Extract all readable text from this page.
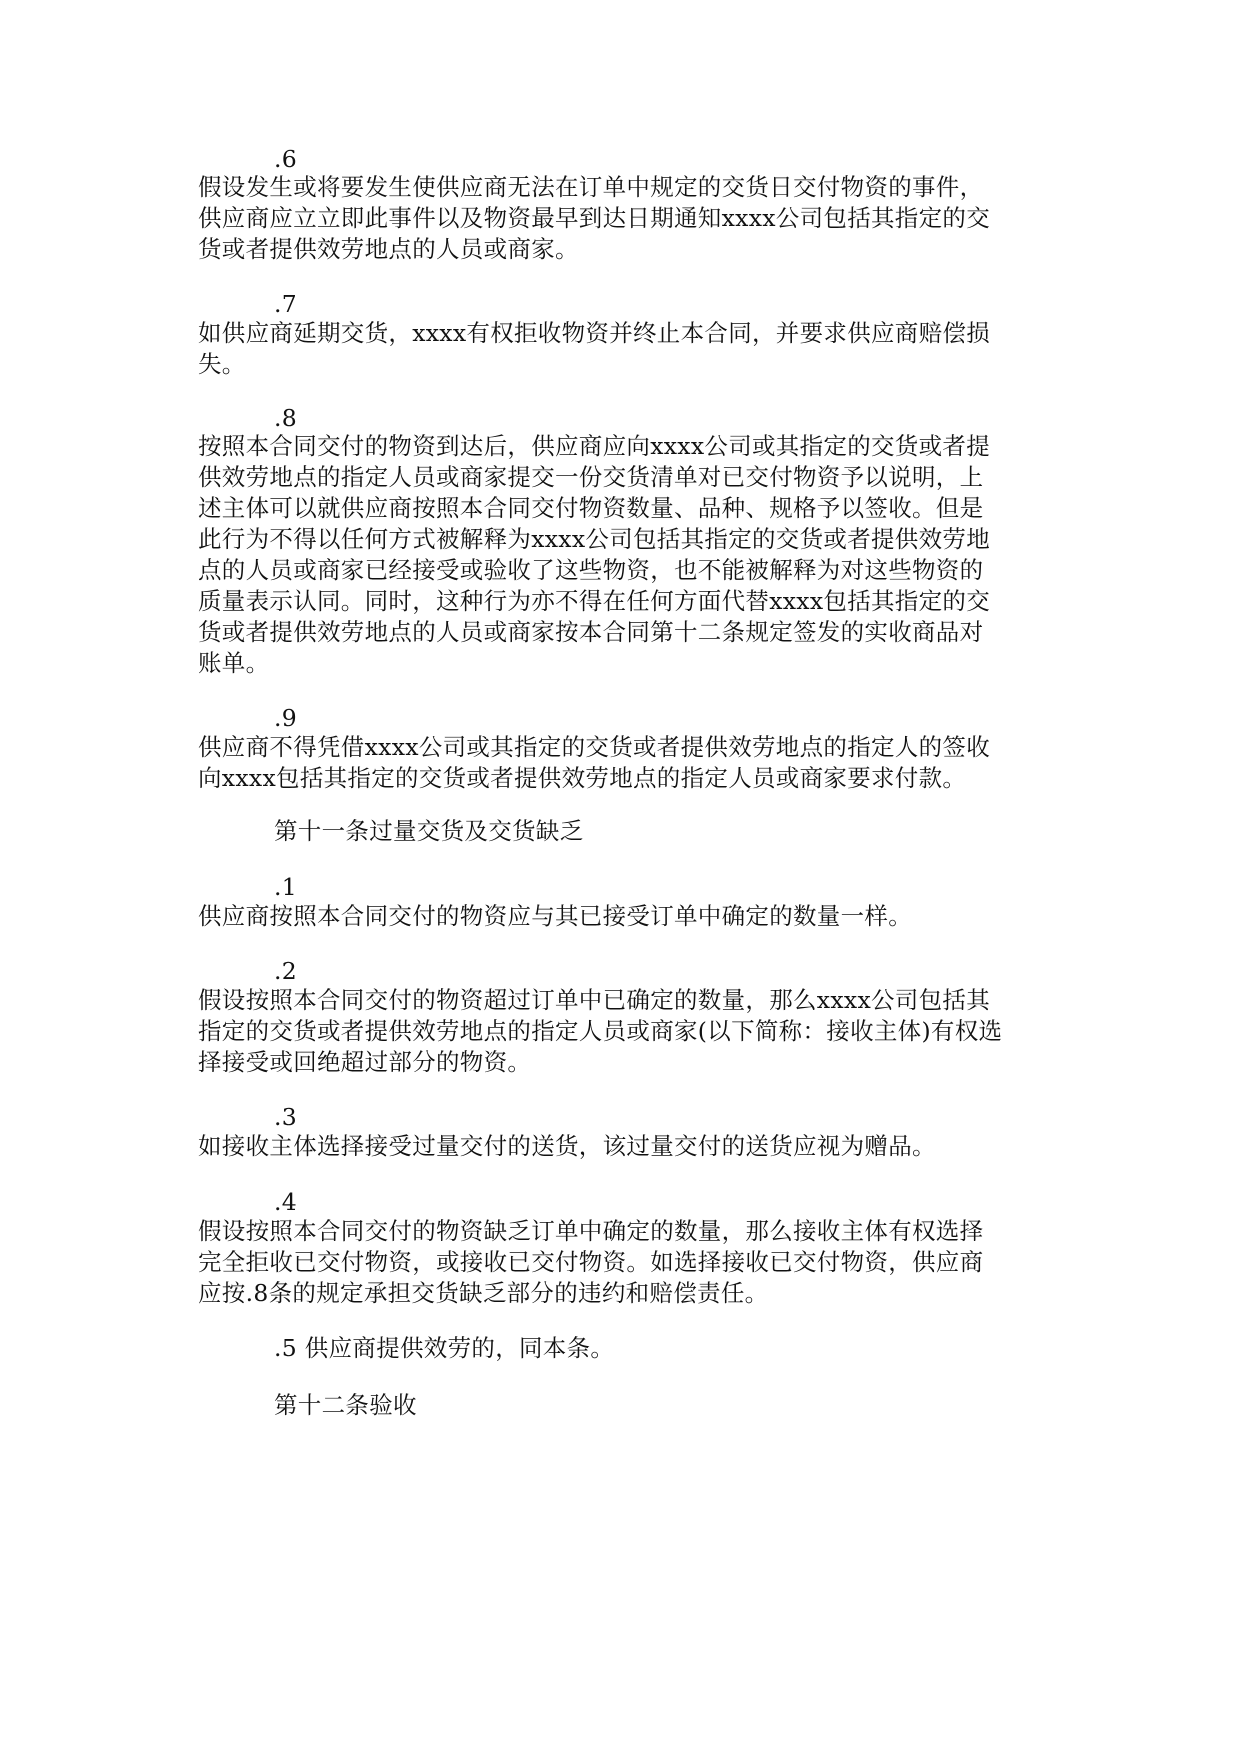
.6
假设发生或将要发生使供应商无法在订单中规定的交货日交付物资的事件，
供应商应立立即此事件以及物资最早到达日期通知xxxx公司包括其指定的交
货或者提供效劳地点的人员或商家。
.7
如供应商延期交货，xxxx有权拒收物资并终止本合同，并要求供应商赔偿损
失。
.8
按照本合同交付的物资到达后，供应商应向xxxx公司或其指定的交货或者提
供效劳地点的指定人员或商家提交一份交货清单对已交付物资予以说明，上
述主体可以就供应商按照本合同交付物资数量、品种、规格予以签收。但是
此行为不得以任何方式被解释为xxxx公司包括其指定的交货或者提供效劳地
点的人员或商家已经接受或验收了这些物资，也不能被解释为对这些物资的
质量表示认同。同时，这种行为亦不得在任何方面代替xxxx包括其指定的交
货或者提供效劳地点的人员或商家按本合同第十二条规定签发的实收商品对
账单。
.9
供应商不得凭借xxxx公司或其指定的交货或者提供效劳地点的指定人的签收
向xxxx包括其指定的交货或者提供效劳地点的指定人员或商家要求付款。
第十一条过量交货及交货缺乏
.1
供应商按照本合同交付的物资应与其已接受订单中确定的数量一样。
.2
假设按照本合同交付的物资超过订单中已确定的数量，那么xxxx公司包括其
指定的交货或者提供效劳地点的指定人员或商家(以下简称：接收主体)有权选
择接受或回绝超过部分的物资。
.3
如接收主体选择接受过量交付的送货，该过量交付的送货应视为赠品。
.4
假设按照本合同交付的物资缺乏订单中确定的数量，那么接收主体有权选择
完全拒收已交付物资，或接收已交付物资。如选择接收已交付物资，供应商
应按.8条的规定承担交货缺乏部分的违约和赔偿责任。
.5 供应商提供效劳的，同本条。
第十二条验收
